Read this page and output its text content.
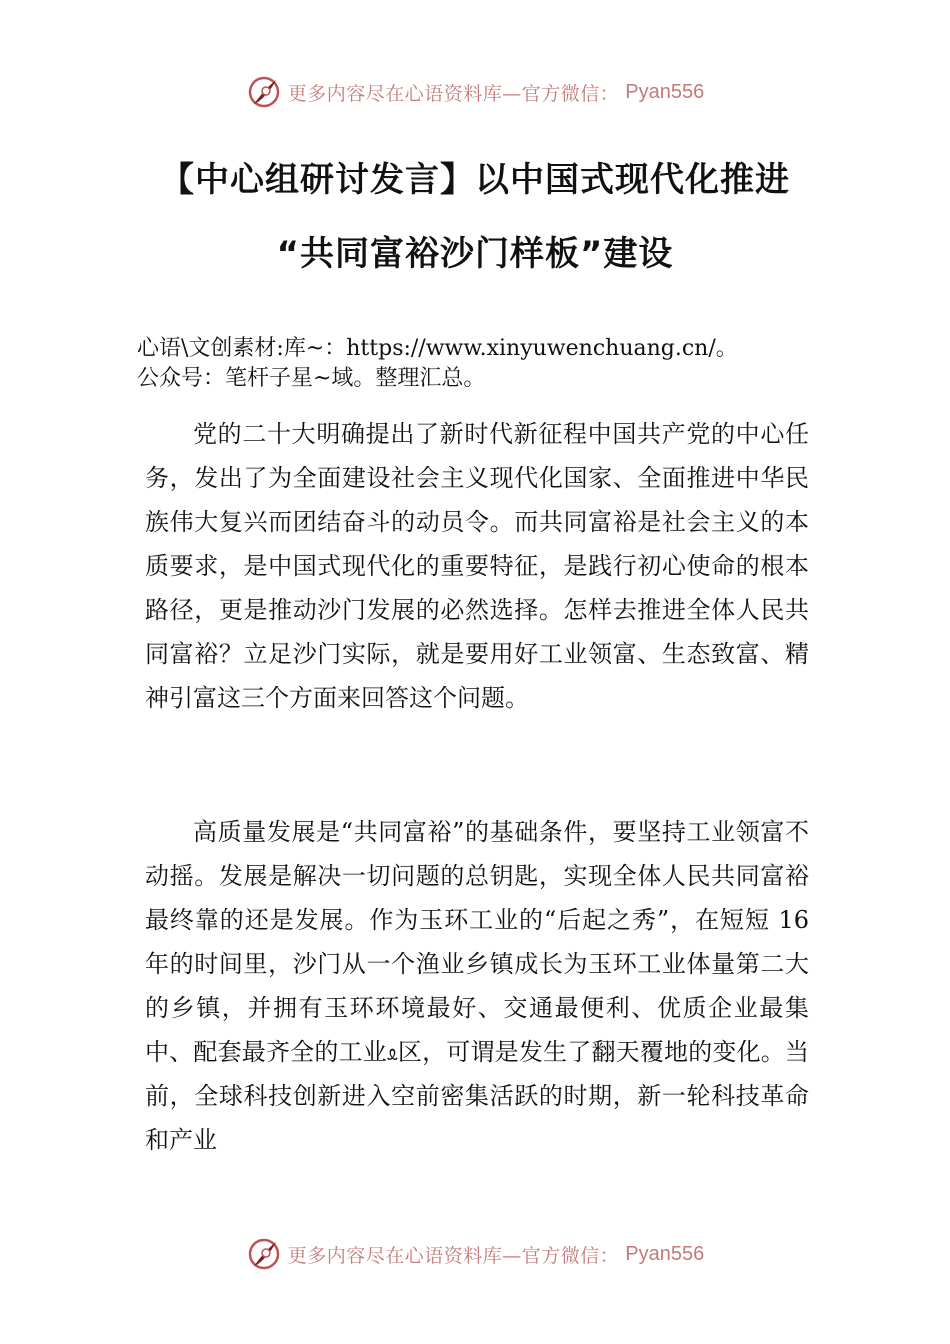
更多内容尽在心语资料库—官方微信： Pyan556
【中心组研讨发言】以中国式现代化推进
“共同富裕沙门样板”建设
心语\文创素材:库~：https://www.xinyuwenchuang.cn/。
公众号：笔杆子星~域。整理汇总。

党的二十大明确提出了新时代新征程中国共产党的中心任务，发出了为全面建设社会主义现代化国家、全面推进中华民族伟大复兴而团结奋斗的动员令。而共同富裕是社会主义的本质要求，是中国式现代化的重要特征，是践行初心使命的根本路径，更是推动沙门发展的必然选择。怎样去推进全体人民共同富裕？立足沙门实际，就是要用好工业领富、生态致富、精神引富这三个方面来回答这个问题。

高质量发展是“共同富裕”的基础条件，要坚持工业领富不动摇。发展是解决一切问题的总钥匙，实现全体人民共同富裕最终靠的还是发展。作为玉环工业的“后起之秀”，在短短 16 年的时间里，沙门从一个渔业乡镇成长为玉环工业体量第二大的乡镇，并拥有玉环环境最好、交通最便利、优质企业最集中、配套最齐全的工业ᦸ区，可谓是发生了翻天覆地的变化。当前，全球科技创新进入空前密集活跃的时期，新一轮科技革命和产业

更多内容尽在心语资料库—官方微信： Pyan556
